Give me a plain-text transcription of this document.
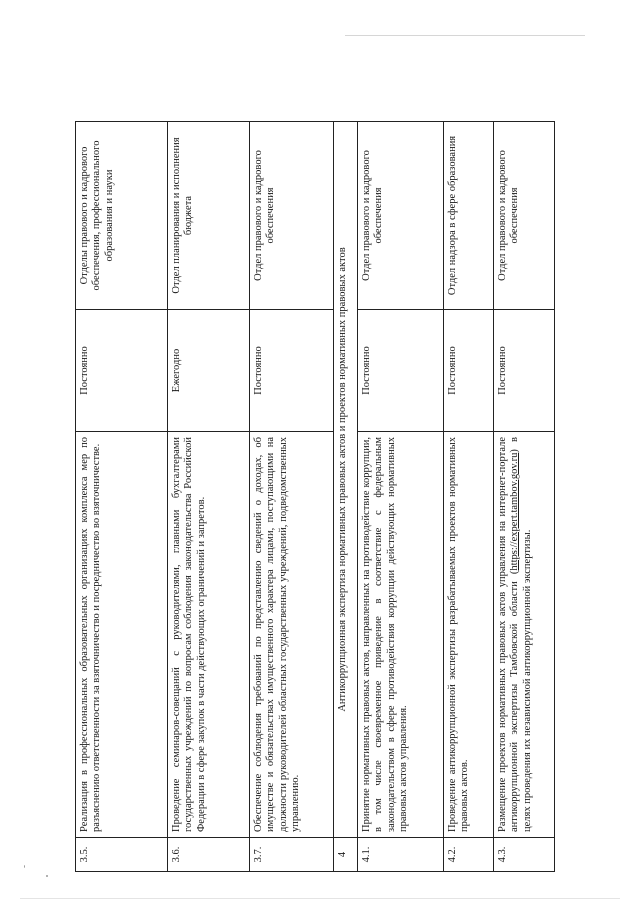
3.5.	Реализация в профессиональных образовательных организациях комплекса мер по разъяснению ответственности за взяточничество и посредничество во взяточничестве.	Постоянно	Отделы правового и кадрового обеспечения, профессионального образования и науки
3.6.	Проведение семинаров-совещаний с руководителями, главными бухгалтерами государственных учреждений по вопросам соблюдения законодательства Российской Федерации в сфере закупок в части действующих ограничений и запретов.	Ежегодно	Отдел планирования и исполнения бюджета
3.7.	Обеспечение соблюдения требований по представлению сведений о доходах, об имуществе и обязательствах имущественного характера лицами, поступающими на должности руководителей областных государственных учреждений, подведомственных управлению.	Постоянно	Отдел правового и кадрового обеспечения
4	Антикоррупционная экспертиза нормативных правовых актов и проектов нормативных правовых актов		
4.1.	Принятие нормативных правовых актов, направленных на противодействие коррупции, в том числе своевременное приведение в соответствие с федеральным законодательством в сфере противодействия коррупции действующих нормативных правовых актов управления.	Постоянно	Отдел правового и кадрового обеспечения
4.2.	Проведение антикоррупционной экспертизы разрабатываемых проектов нормативных правовых актов.	Постоянно	Отдел надзора в сфере образования
4.3.	Размещение проектов нормативных правовых актов управления на интернет-портале антикоррупционной экспертизы Тамбовской области (https://expert.tambov.gov.ru) в целях проведения их независимой антикоррупционной экспертизы.	Постоянно	Отдел правового и кадрового обеспечения
